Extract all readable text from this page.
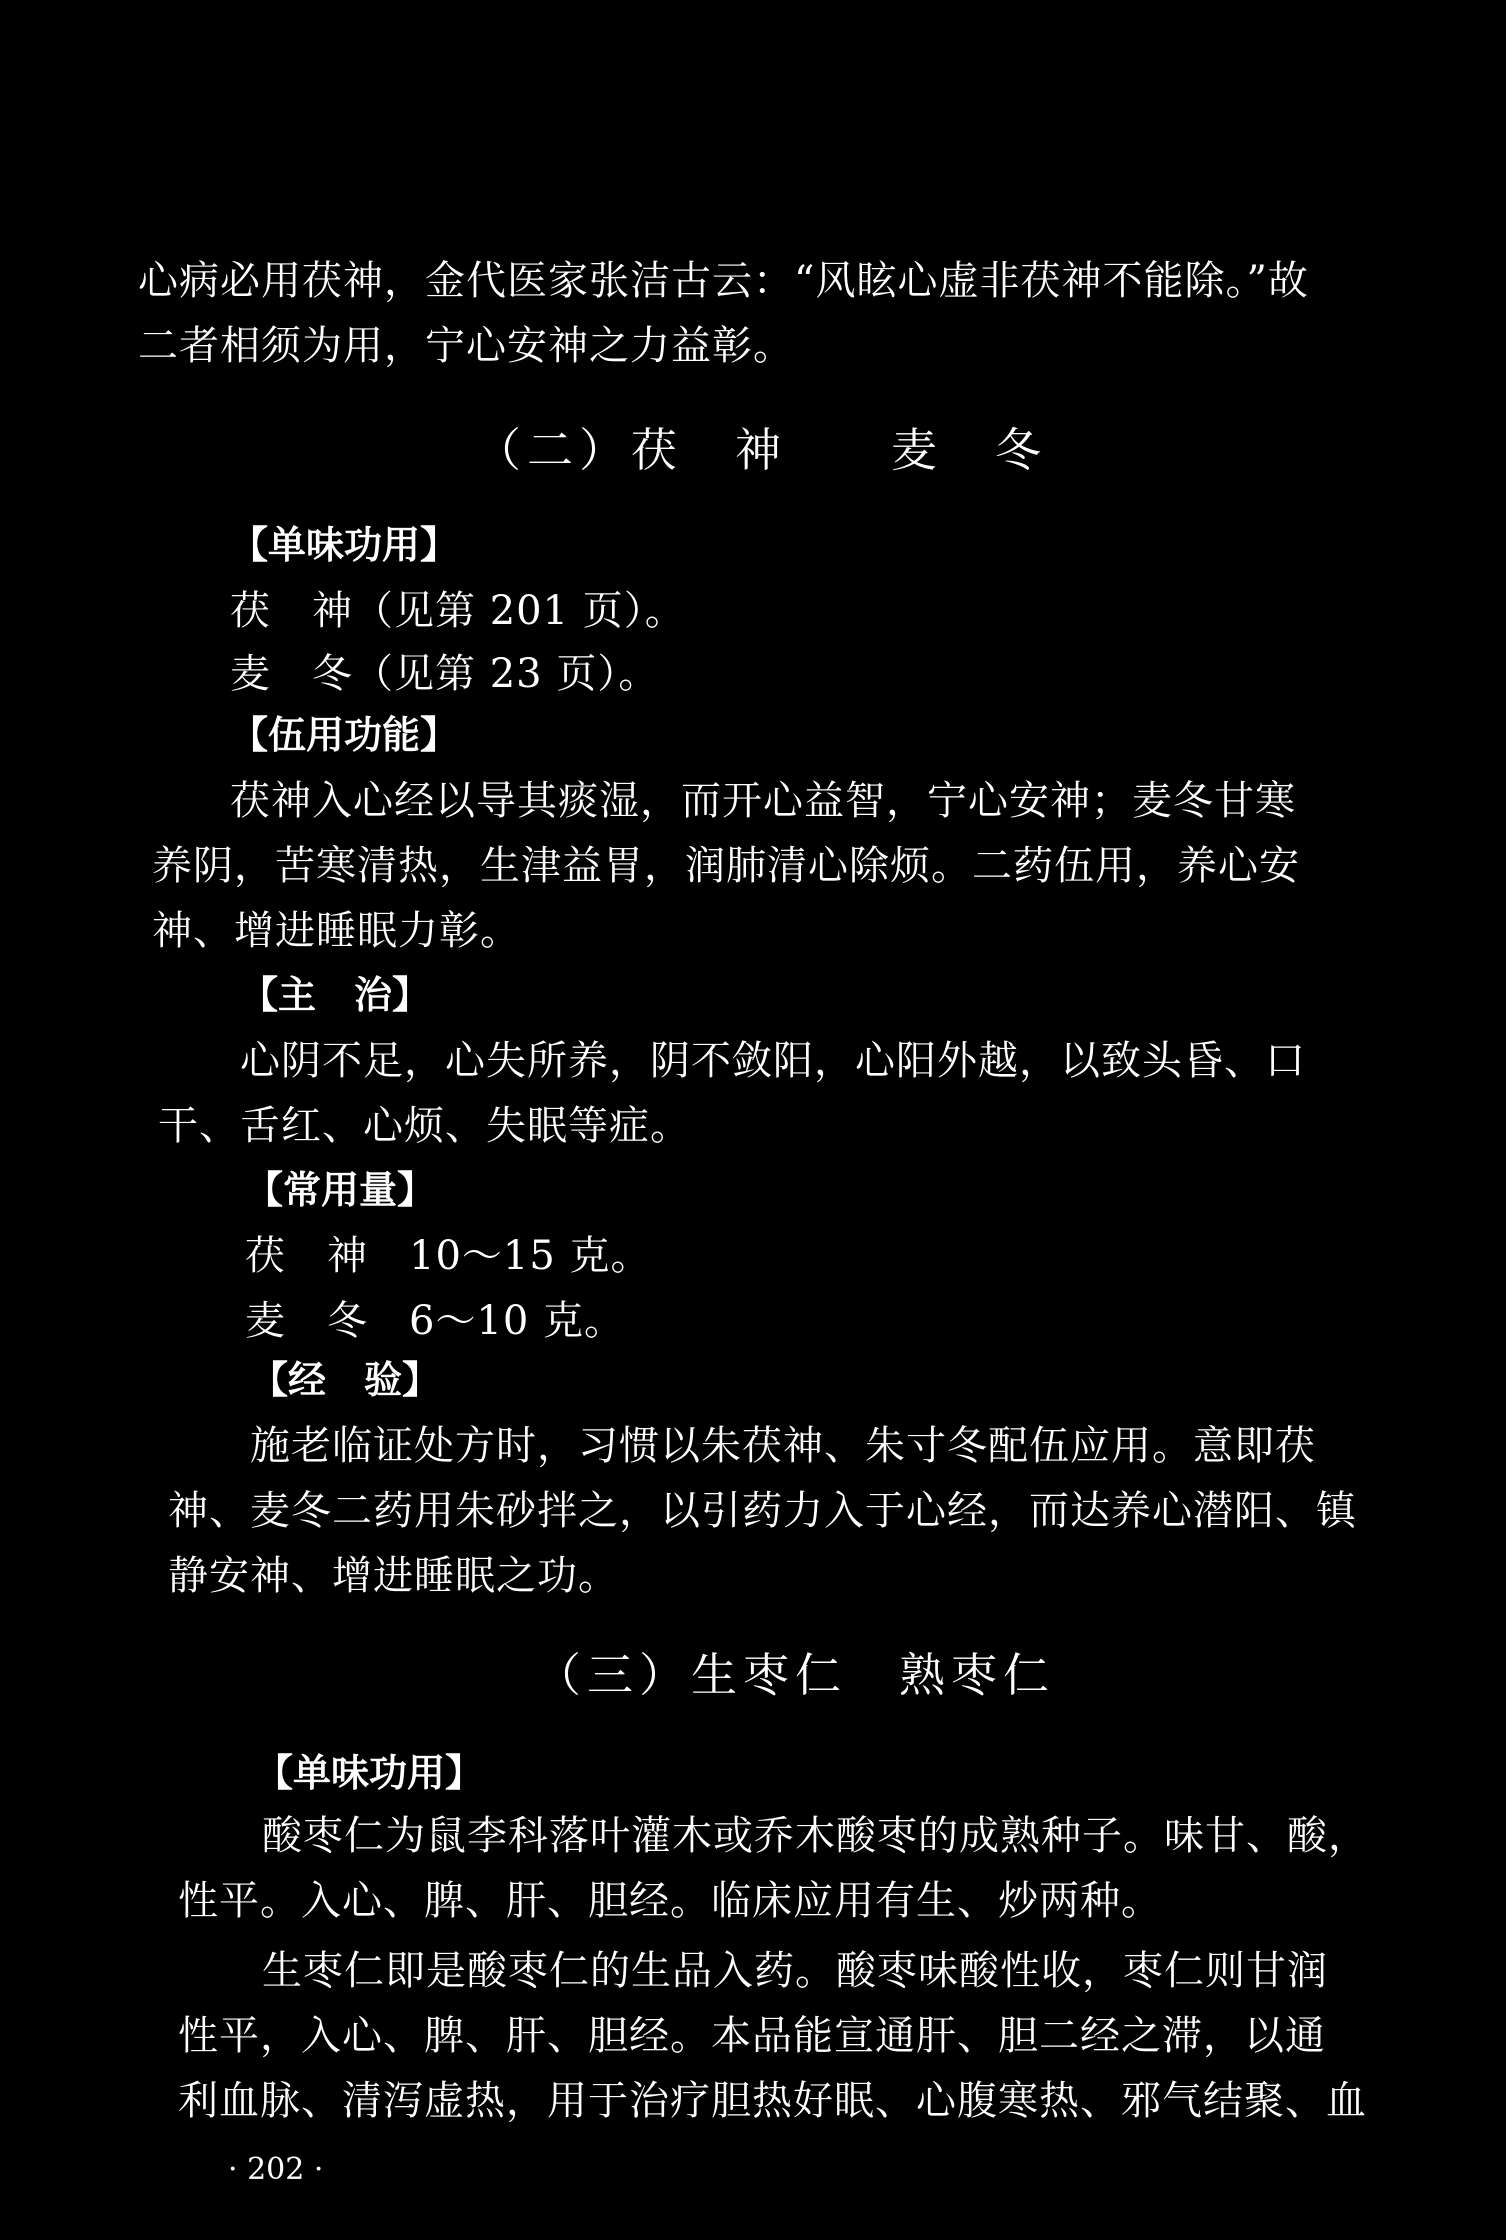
心病必用茯神，金代医家张洁古云：“风眩心虚非茯神不能除。”故
二者相须为用，宁心安神之力益彰。
（二）茯　神　　麦　冬
【单味功用】
茯　神（见第 201 页）。
麦　冬（见第 23 页）。
【伍用功能】
茯神入心经以导其痰湿，而开心益智，宁心安神；麦冬甘寒
养阴，苦寒清热，生津益胃，润肺清心除烦。二药伍用，养心安
神、增进睡眠力彰。
【主　治】
心阴不足，心失所养，阴不敛阳，心阳外越，以致头昏、口
干、舌红、心烦、失眠等症。
【常用量】
茯　神　10～15 克。
麦　冬　6～10 克。
【经　验】
施老临证处方时，习惯以朱茯神、朱寸冬配伍应用。意即茯
神、麦冬二药用朱砂拌之，以引药力入于心经，而达养心潜阳、镇
静安神、增进睡眠之功。
（三）生枣仁　熟枣仁
【单味功用】
酸枣仁为鼠李科落叶灌木或乔木酸枣的成熟种子。味甘、酸，
性平。入心、脾、肝、胆经。临床应用有生、炒两种。
生枣仁即是酸枣仁的生品入药。酸枣味酸性收，枣仁则甘润
性平，入心、脾、肝、胆经。本品能宣通肝、胆二经之滞，以通
利血脉、清泻虚热，用于治疗胆热好眠、心腹寒热、邪气结聚、血
· 202 ·
